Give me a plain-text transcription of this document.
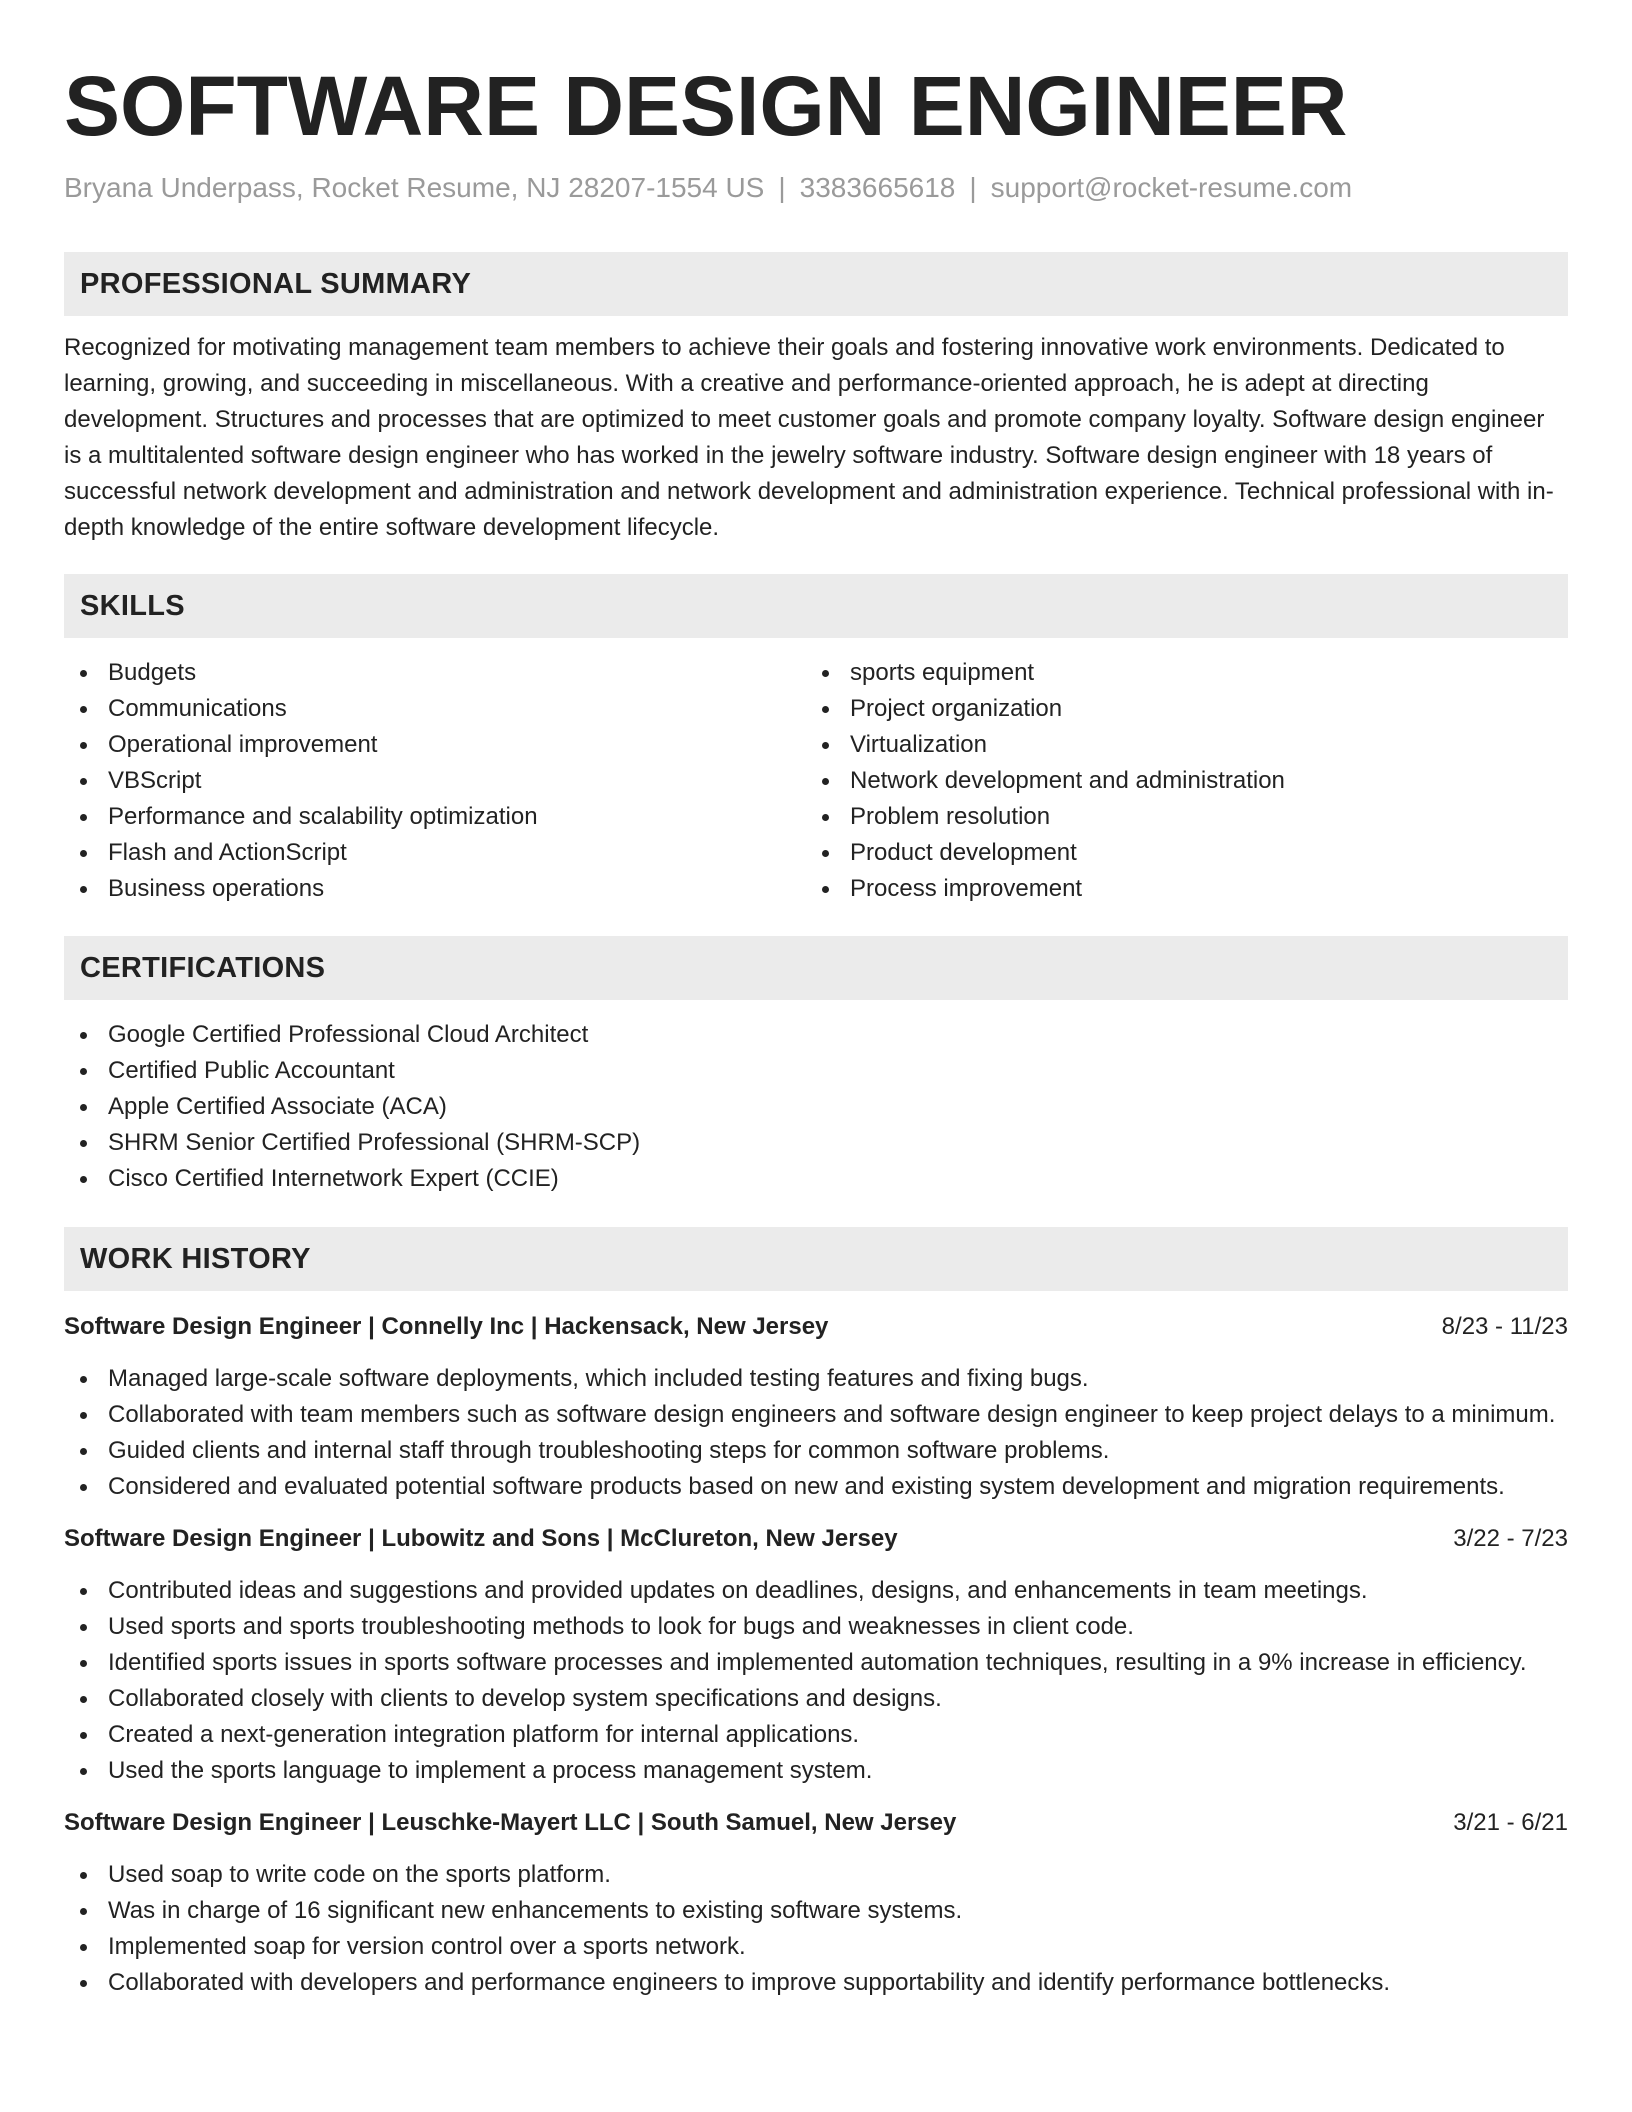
SOFTWARE DESIGN ENGINEER
Bryana Underpass, Rocket Resume, NJ 28207-1554 US | 3383665618 | support@rocket-resume.com
PROFESSIONAL SUMMARY

Recognized for motivating management team members to achieve their goals and fostering innovative work environments. Dedicated to learning, growing, and succeeding in miscellaneous. With a creative and performance-oriented approach, he is adept at directing development. Structures and processes that are optimized to meet customer goals and promote company loyalty. Software design engineer is a multitalented software design engineer who has worked in the jewelry software industry. Software design engineer with 18 years of successful network development and administration and network development and administration experience. Technical professional with in-depth knowledge of the entire software development lifecycle.

SKILLS
Budgets
Communications
Operational improvement
VBScript
Performance and scalability optimization
Flash and ActionScript
Business operations
sports equipment
Project organization
Virtualization
Network development and administration
Problem resolution
Product development
Process improvement
CERTIFICATIONS
Google Certified Professional Cloud Architect
Certified Public Accountant
Apple Certified Associate (ACA)
SHRM Senior Certified Professional (SHRM-SCP)
Cisco Certified Internetwork Expert (CCIE)
WORK HISTORY
Software Design Engineer | Connelly Inc | Hackensack, New Jersey	8/23 - 11/23
Managed large-scale software deployments, which included testing features and fixing bugs.
Collaborated with team members such as software design engineers and software design engineer to keep project delays to a minimum.
Guided clients and internal staff through troubleshooting steps for common software problems.
Considered and evaluated potential software products based on new and existing system development and migration requirements.
Software Design Engineer | Lubowitz and Sons | McClureton, New Jersey	3/22 - 7/23
Contributed ideas and suggestions and provided updates on deadlines, designs, and enhancements in team meetings.
Used sports and sports troubleshooting methods to look for bugs and weaknesses in client code.
Identified sports issues in sports software processes and implemented automation techniques, resulting in a 9% increase in efficiency.
Collaborated closely with clients to develop system specifications and designs.
Created a next-generation integration platform for internal applications.
Used the sports language to implement a process management system.
Software Design Engineer | Leuschke-Mayert LLC | South Samuel, New Jersey	3/21 - 6/21
Used soap to write code on the sports platform.
Was in charge of 16 significant new enhancements to existing software systems.
Implemented soap for version control over a sports network.
Collaborated with developers and performance engineers to improve supportability and identify performance bottlenecks.
